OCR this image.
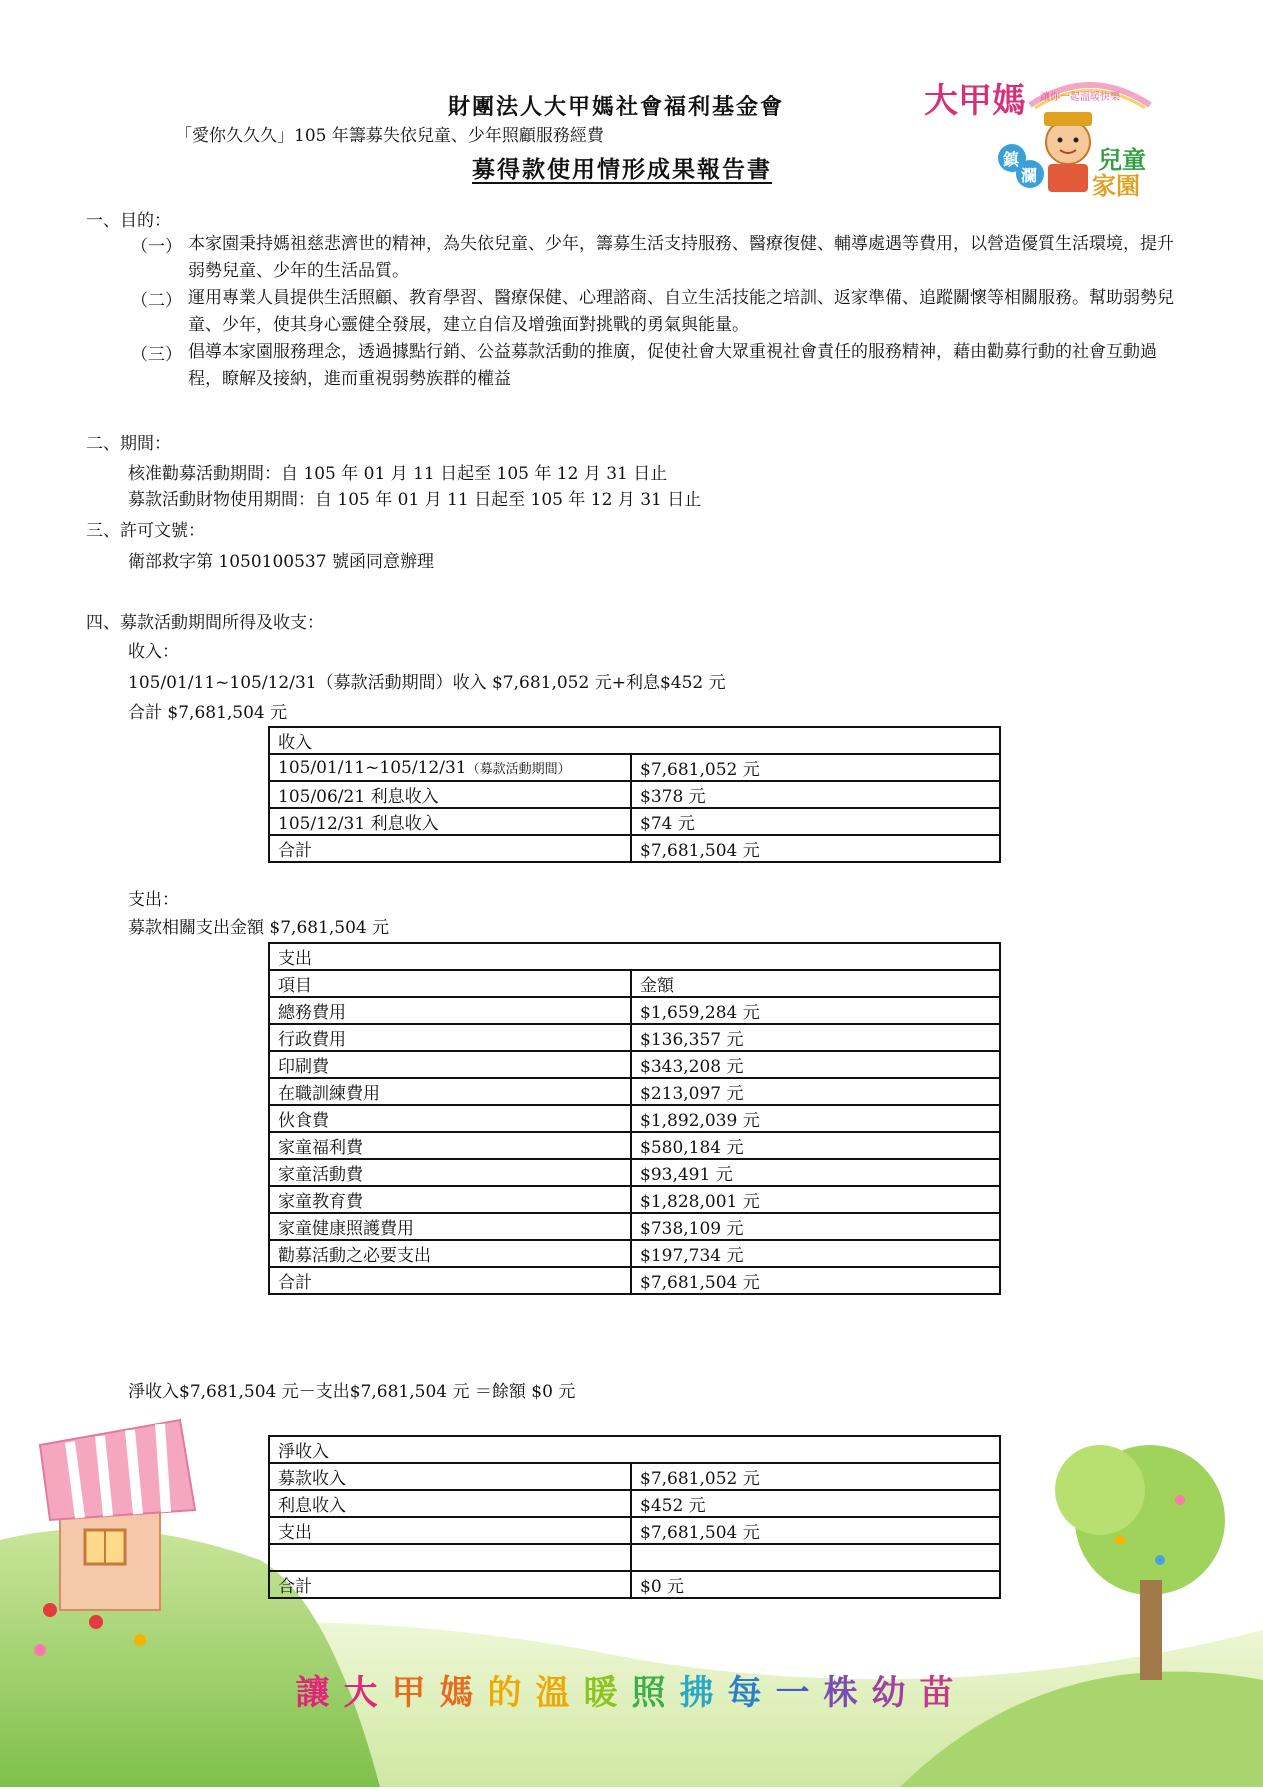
財團法人大甲媽社會福利基金會
「愛你久久久」105 年籌募失依兒童、少年照顧服務經費
募得款使用情形成果報告書
讓你一起溫暖快樂
大甲媽
鎮
瀾
兒童
家園
一、目的：
（一） 本家園秉持媽祖慈悲濟世的精神，為失依兒童、少年，籌募生活支持服務、醫療復健、輔導處遇等費用，以營造優質生活環境，提升弱勢兒童、少年的生活品質。
（二） 運用專業人員提供生活照顧、教育學習、醫療保健、心理諮商、自立生活技能之培訓、返家準備、追蹤關懷等相關服務。幫助弱勢兒童、少年，使其身心靈健全發展，建立自信及增強面對挑戰的勇氣與能量。
（三） 倡導本家園服務理念，透過據點行銷、公益募款活動的推廣，促使社會大眾重視社會責任的服務精神，藉由勸募行動的社會互動過程，瞭解及接納，進而重視弱勢族群的權益
二、期間：
核准勸募活動期間：自 105 年 01 月 11 日起至 105 年 12 月 31 日止
募款活動財物使用期間：自 105 年 01 月 11 日起至 105 年 12 月 31 日止
三、許可文號：
衛部救字第 1050100537 號函同意辦理
四、募款活動期間所得及收支：
收入：
105/01/11~105/12/31（募款活動期間）收入 $7,681,052 元+利息$452 元
合計 $7,681,504 元
收入	
105/01/11~105/12/31（募款活動期間）	$7,681,052 元
105/06/21 利息收入	$378 元
105/12/31 利息收入	$74 元
合計	$7,681,504 元
支出：
募款相關支出金額 $7,681,504 元
支出	
項目	金額
總務費用	$1,659,284 元
行政費用	$136,357 元
印刷費	$343,208 元
在職訓練費用	$213,097 元
伙食費	$1,892,039 元
家童福利費	$580,184 元
家童活動費	$93,491 元
家童教育費	$1,828,001 元
家童健康照護費用	$738,109 元
勸募活動之必要支出	$197,734 元
合計	$7,681,504 元
淨收入$7,681,504 元－支出$7,681,504 元 ＝餘額 $0 元
淨收入	
募款收入	$7,681,052 元
利息收入	$452 元
支出	$7,681,504 元

合計	$0 元
讓大甲媽的溫暖照拂每一株幼苗
